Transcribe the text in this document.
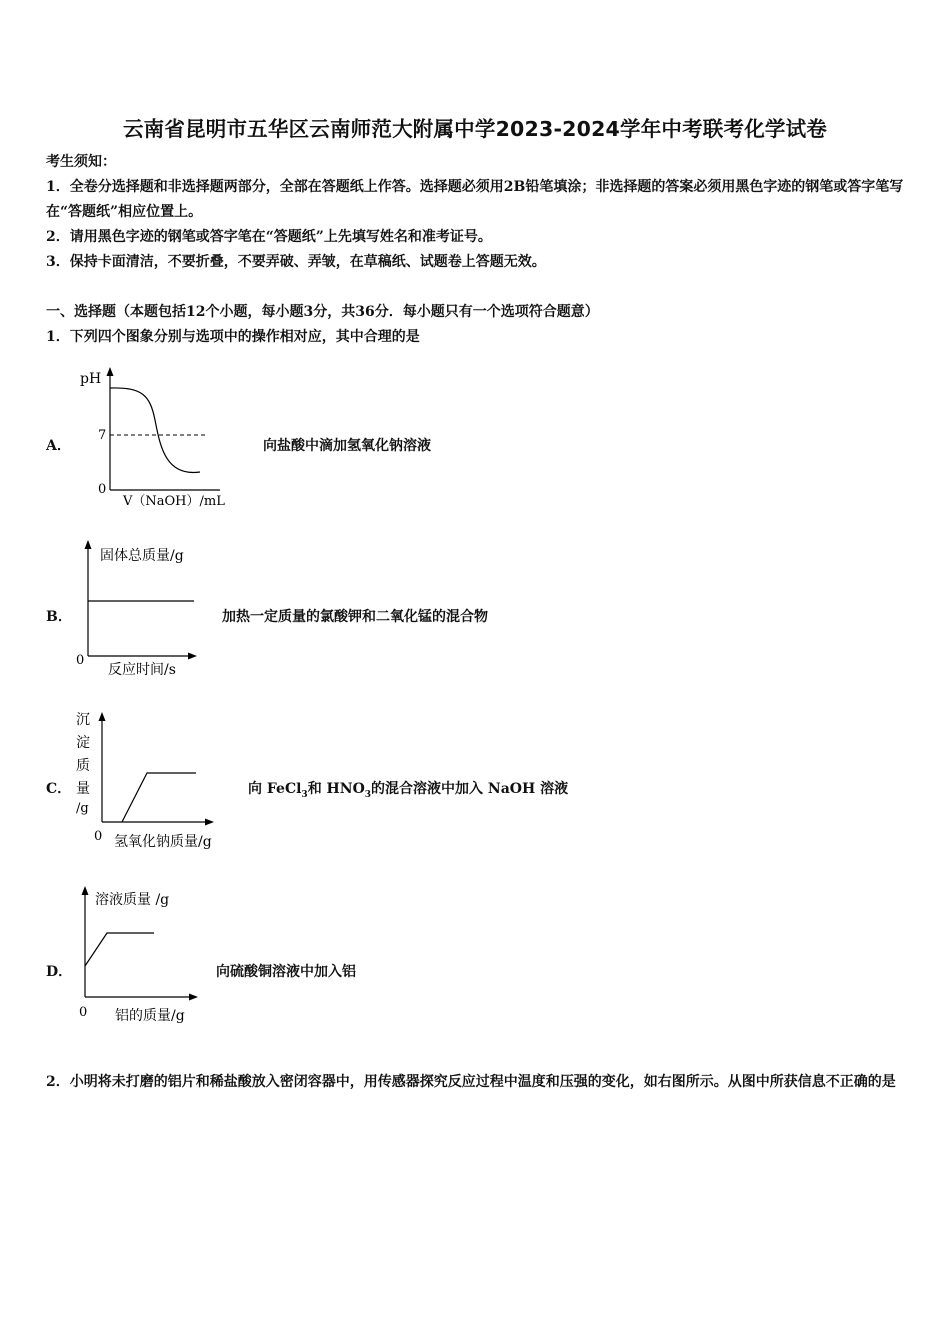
云南省昆明市五华区云南师范大附属中学2023-2024学年中考联考化学试卷
考生须知：
1．全卷分选择题和非选择题两部分，全部在答题纸上作答。选择题必须用2B铅笔填涂；非选择题的答案必须用黑色字迹的钢笔或答字笔写在“答题纸”相应位置上。
2．请用黑色字迹的钢笔或答字笔在“答题纸”上先填写姓名和准考证号。
3．保持卡面清洁，不要折叠，不要弄破、弄皱，在草稿纸、试题卷上答题无效。
一、选择题（本题包括12个小题，每小题3分，共36分．每小题只有一个选项符合题意）
1．下列四个图象分别与选项中的操作相对应，其中合理的是
A．
pH
7
0
V（NaOH）/mL
向盐酸中滴加氢氧化钠溶液
B．
固体总质量/g
0
反应时间/s
加热一定质量的氯酸钾和二氧化锰的混合物
C．
沉
淀
质
量
/g
0 氢氧化钠质量/g
向 FeCl$_3$和 $HNO_3$的混合溶液中加入 NaOH 溶液
D．
溶液质量 /g
0 铝的质量/g
向硫酸铜溶液中加入铝
2．小明将未打磨的铝片和稀盐酸放入密闭容器中，用传感器探究反应过程中温度和压强的变化，如右图所示。从图中所获信息不正确的是
